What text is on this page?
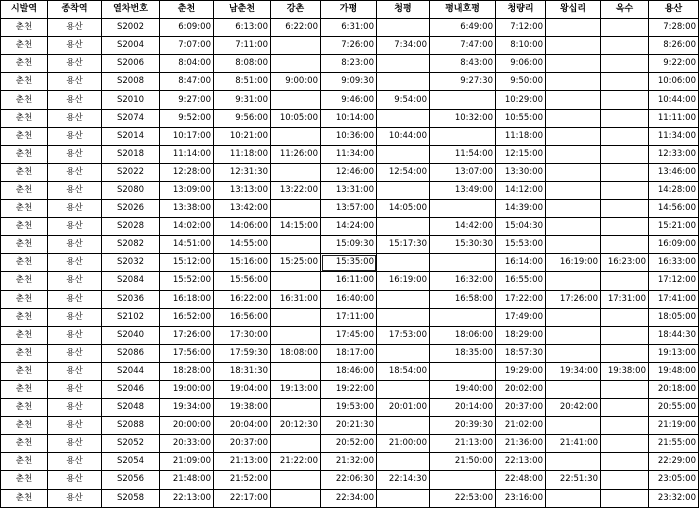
시발역	종착역	열차번호	춘천	남춘천	강촌	가평	청평	평내호평	청량리	왕십리	옥수	용산
춘천	용산	S2002	6:09:00	6:13:00	6:22:00	6:31:00		6:49:00	7:12:00			7:28:00
춘천	용산	S2004	7:07:00	7:11:00		7:26:00	7:34:00	7:47:00	8:10:00			8:26:00
춘천	용산	S2006	8:04:00	8:08:00		8:23:00		8:43:00	9:06:00			9:22:00
춘천	용산	S2008	8:47:00	8:51:00	9:00:00	9:09:30		9:27:30	9:50:00			10:06:00
춘천	용산	S2010	9:27:00	9:31:00		9:46:00	9:54:00		10:29:00			10:44:00
춘천	용산	S2074	9:52:00	9:56:00	10:05:00	10:14:00		10:32:00	10:55:00			11:11:00
춘천	용산	S2014	10:17:00	10:21:00		10:36:00	10:44:00		11:18:00			11:34:00
춘천	용산	S2018	11:14:00	11:18:00	11:26:00	11:34:00		11:54:00	12:15:00			12:33:00
춘천	용산	S2022	12:28:00	12:31:30		12:46:00	12:54:00	13:07:00	13:30:00			13:46:00
춘천	용산	S2080	13:09:00	13:13:00	13:22:00	13:31:00		13:49:00	14:12:00			14:28:00
춘천	용산	S2026	13:38:00	13:42:00		13:57:00	14:05:00		14:39:00			14:56:00
춘천	용산	S2028	14:02:00	14:06:00	14:15:00	14:24:00		14:42:00	15:04:30			15:21:00
춘천	용산	S2082	14:51:00	14:55:00		15:09:30	15:17:30	15:30:30	15:53:00			16:09:00
춘천	용산	S2032	15:12:00	15:16:00	15:25:00	15:35:00			16:14:00	16:19:00	16:23:00	16:33:00
춘천	용산	S2084	15:52:00	15:56:00		16:11:00	16:19:00	16:32:00	16:55:00			17:12:00
춘천	용산	S2036	16:18:00	16:22:00	16:31:00	16:40:00		16:58:00	17:22:00	17:26:00	17:31:00	17:41:00
춘천	용산	S2102	16:52:00	16:56:00		17:11:00			17:49:00			18:05:00
춘천	용산	S2040	17:26:00	17:30:00		17:45:00	17:53:00	18:06:00	18:29:00			18:44:30
춘천	용산	S2086	17:56:00	17:59:30	18:08:00	18:17:00		18:35:00	18:57:30			19:13:00
춘천	용산	S2044	18:28:00	18:31:30		18:46:00	18:54:00		19:29:00	19:34:00	19:38:00	19:48:00
춘천	용산	S2046	19:00:00	19:04:00	19:13:00	19:22:00		19:40:00	20:02:00			20:18:00
춘천	용산	S2048	19:34:00	19:38:00		19:53:00	20:01:00	20:14:00	20:37:00	20:42:00		20:55:00
춘천	용산	S2088	20:00:00	20:04:00	20:12:30	20:21:30		20:39:30	21:02:00			21:19:00
춘천	용산	S2052	20:33:00	20:37:00		20:52:00	21:00:00	21:13:00	21:36:00	21:41:00		21:55:00
춘천	용산	S2054	21:09:00	21:13:00	21:22:00	21:32:00		21:50:00	22:13:00			22:29:00
춘천	용산	S2056	21:48:00	21:52:00		22:06:30	22:14:30		22:48:00	22:51:30		23:05:00
춘천	용산	S2058	22:13:00	22:17:00		22:34:00		22:53:00	23:16:00			23:32:00
